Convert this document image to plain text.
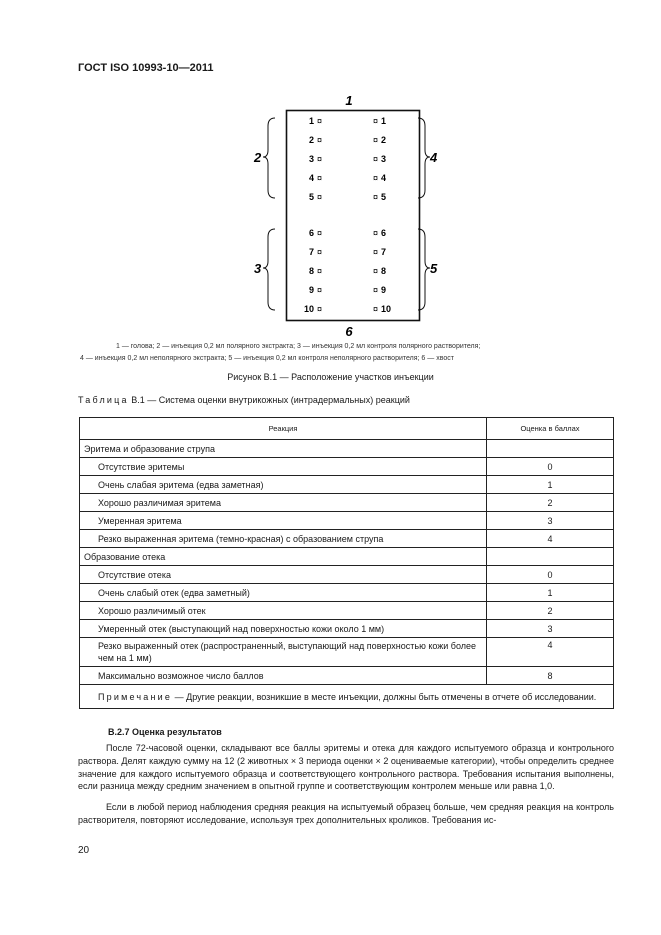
ГОСТ ISO 10993-10—2011
1
6
2	4
3	5
1 ¤	¤ 1
2 ¤	¤ 2
3 ¤	¤ 3
4 ¤	¤ 4
5 ¤	¤ 5
6 ¤	¤ 6
7 ¤	¤ 7
8 ¤	¤ 8
9 ¤	¤ 9
10 ¤	¤ 10
1 — голова; 2 — инъекция 0,2 мл полярного экстракта; 3 — инъекция 0,2 мл контроля полярного растворителя;
4 — инъекция 0,2 мл неполярного экстракта; 5 — инъекция 0,2 мл контроля неполярного растворителя; 6 — хвост
Рисунок В.1 — Расположение участков инъекции
Таблица В.1 — Система оценки внутрикожных (интрадермальных) реакций
Реакция	Оценка в баллах
Эритема и образование струпа	
Отсутствие эритемы	0
Очень слабая эритема (едва заметная)	1
Хорошо различимая эритема	2
Умеренная эритема	3
Резко выраженная эритема (темно-красная) с образованием струпа	4
Образование отека	
Отсутствие отека	0
Очень слабый отек (едва заметный)	1
Хорошо различимый отек	2
Умеренный отек (выступающий над поверхностью кожи около 1 мм)	3
Резко выраженный отек (распространенный, выступающий над поверхностью кожи более чем на 1 мм)	4
Максимально возможное число баллов	8
Примечание — Другие реакции, возникшие в месте инъекции, должны быть отмечены в отчете об исследовании.	
В.2.7 Оценка результатов
После 72-часовой оценки, складывают все баллы эритемы и отека для каждого испытуемого образца и контрольного раствора. Делят каждую сумму на 12 (2 животных × 3 периода оценки × 2 оцениваемые категории), чтобы определить среднее значение для каждого испытуемого образца и соответствующего контрольного раствора. Требования испытания выполнены, если разница между средним значением в опытной группе и соответствующим контролем меньше или равна 1,0.
Если в любой период наблюдения средняя реакция на испытуемый образец больше, чем средняя реакция на контроль растворителя, повторяют исследование, используя трех дополнительных кроликов. Требования ис-
20
